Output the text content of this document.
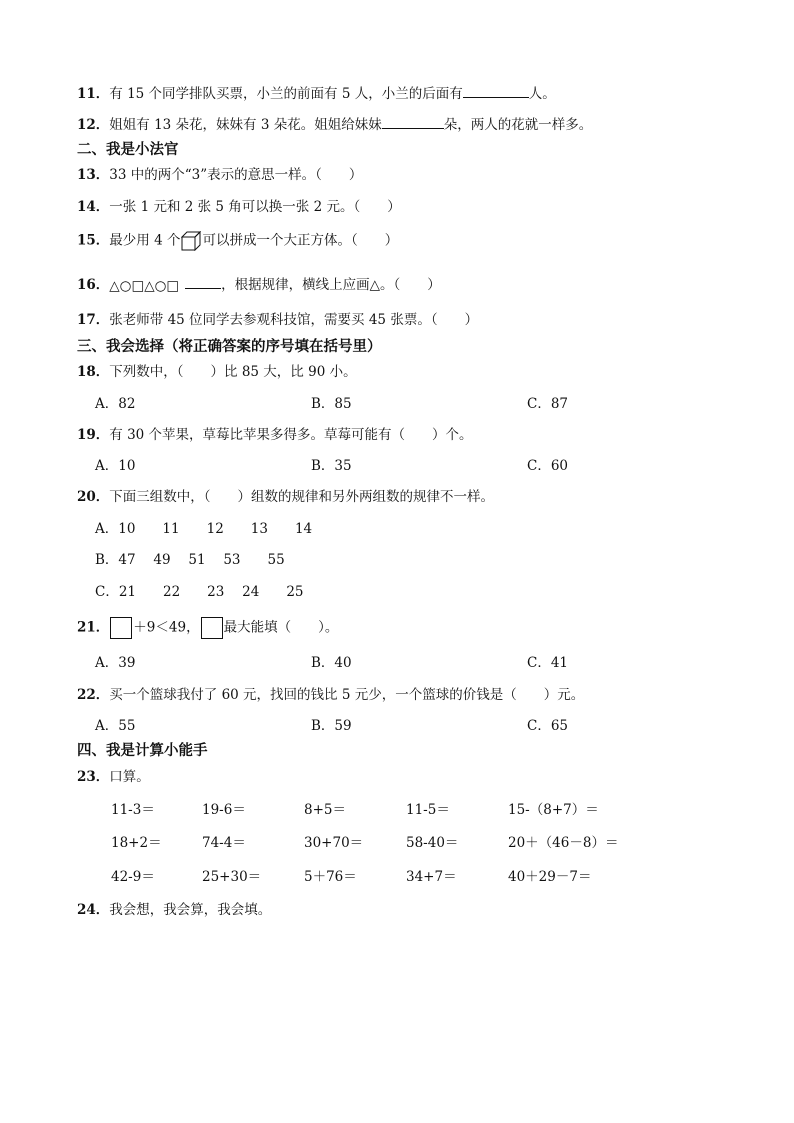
11．有 15 个同学排队买票，小兰的前面有 5 人，小兰的后面有	人。
12．姐姐有 13 朵花，妹妹有 3 朵花。姐姐给妹妹	朵，两人的花就一样多。
二、我是小法官
13．33 中的两个“3”表示的意思一样。（　　）
14．一张 1 元和 2 张 5 角可以换一张 2 元。（　　）
15．最少用 4 个 可以拼成一个大正方体。（　　）
16．△○□△○□	，根据规律，横线上应画△。（　　）
17．张老师带 45 位同学去参观科技馆，需要买 45 张票。（　　）
三、我会选择（将正确答案的序号填在括号里）
18．下列数中，（　　）比 85 大，比 90 小。
A．82	B．85	C．87
19．有 30 个苹果，草莓比苹果多得多。草莓可能有（　　）个。
A．10	B．35	C．60
20．下面三组数中，（　　）组数的规律和另外两组数的规律不一样。
A．10　　11　　12　　13　　14
B．47　 49　 51　 53　　55
C．21　　22　　23　 24　　25
21． ＋9＜49， 最大能填（　　）。
A．39	B．40	C．41
22．买一个篮球我付了 60 元，找回的钱比 5 元少，一个篮球的价钱是（　　）元。
A．55	B．59	C．65
四、我是计算小能手
23．口算。
11-3＝	19-6＝	8+5＝	11-5＝	15-（8+7）＝
18+2＝	74-4＝	30+70＝	58-40＝	20＋（46－8）＝
42-9＝	25+30＝	5＋76＝	34+7＝	40＋29－7＝
24．我会想，我会算，我会填。
